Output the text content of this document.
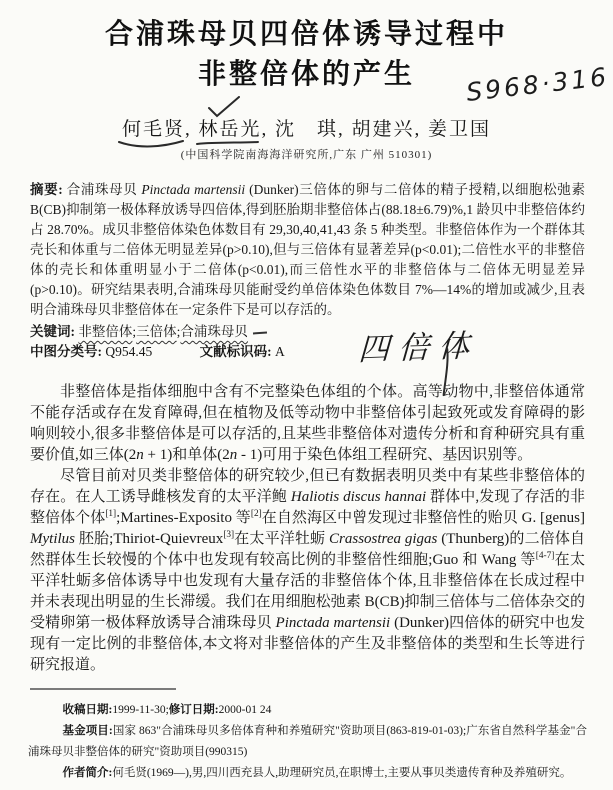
合浦珠母贝四倍体诱导过程中
非整倍体的产生	S968·316
何毛贤
, 林岳光
, 沈　琪, 胡建兴, 姜卫国
(中国科学院南海海洋研究所,广东 广州 510301)

摘要: 合浦珠母贝 Pinctada martensii (Dunker)三倍体的卵与二倍体的精子授精,以细胞松弛素 B(CB)抑制第一极体释放诱导四倍体,得到胚胎期非整倍体占(88.18±6.79)%,1 龄贝中非整倍体约占 28.70%。成贝非整倍体染色体数目有 29,30,40,41,43 条 5 种类型。非整倍体作为一个群体其壳长和体重与二倍体无明显差异(p>0.10),但与三倍体有显著差异(p<0.01);二倍性水平的非整倍体的壳长和体重明显小于二倍体(p<0.01),而三倍性水平的非整倍体与二倍体无明显差异(p>0.10)。研究结果表明,合浦珠母贝能耐受约单倍体染色体数目 7%—14%的增加或减少,且表明合浦珠母贝非整倍体在一定条件下是可以存活的。

关键词: 非整倍体;三倍体;合浦珠母贝

中图分类号: Q954.45	文献标识码: A	四倍体

非整倍体是指体细胞中含有不完整染色体组的个体。高等动物中,非整倍体通常不能存活或存在发育障碍,但在植物及低等动物中非整倍体引起致死或发育障碍的影响则较小,很多非整倍体是可以存活的,且某些非整倍体对遗传分析和育种研究具有重要价值,如三体(2n + 1)和单体(2n - 1)可用于染色体组工程研究、基因识别等。

尽管目前对贝类非整倍体的研究较少,但已有数据表明贝类中有某些非整倍体的存在。在人工诱导雌核发育的太平洋鲍 Haliotis discus hannai 群体中,发现了存活的非整倍体个体[1];Martines-Exposito 等[2]在自然海区中曾发现过非整倍性的贻贝 G. [genus] Mytilus 胚胎;Thiriot-Quievreux[3]在太平洋牡蛎 Crassostrea gigas (Thunberg)的二倍体自然群体生长较慢的个体中也发现有较高比例的非整倍性细胞;Guo 和 Wang 等[4-7]在太平洋牡蛎多倍体诱导中也发现有大量存活的非整倍体个体,且非整倍体在长成过程中并未表现出明显的生长滞缓。我们在用细胞松弛素 B(CB)抑制三倍体与二倍体杂交的受精卵第一极体释放诱导合浦珠母贝 Pinctada martensii (Dunker)四倍体的研究中也发现有一定比例的非整倍体,本文将对非整倍体的产生及非整倍体的类型和生长等进行研究报道。

收稿日期:1999-11-30;修订日期:2000-01 24

基金项目:国家 863"合浦珠母贝多倍体育种和养殖研究"资助项目(863-819-01-03);广东省自然科学基金"合浦珠母贝非整倍体的研究"资助项目(990315)

作者简介:何毛贤(1969—),男,四川西充县人,助理研究员,在职博士,主要从事贝类遗传育种及养殖研究。
